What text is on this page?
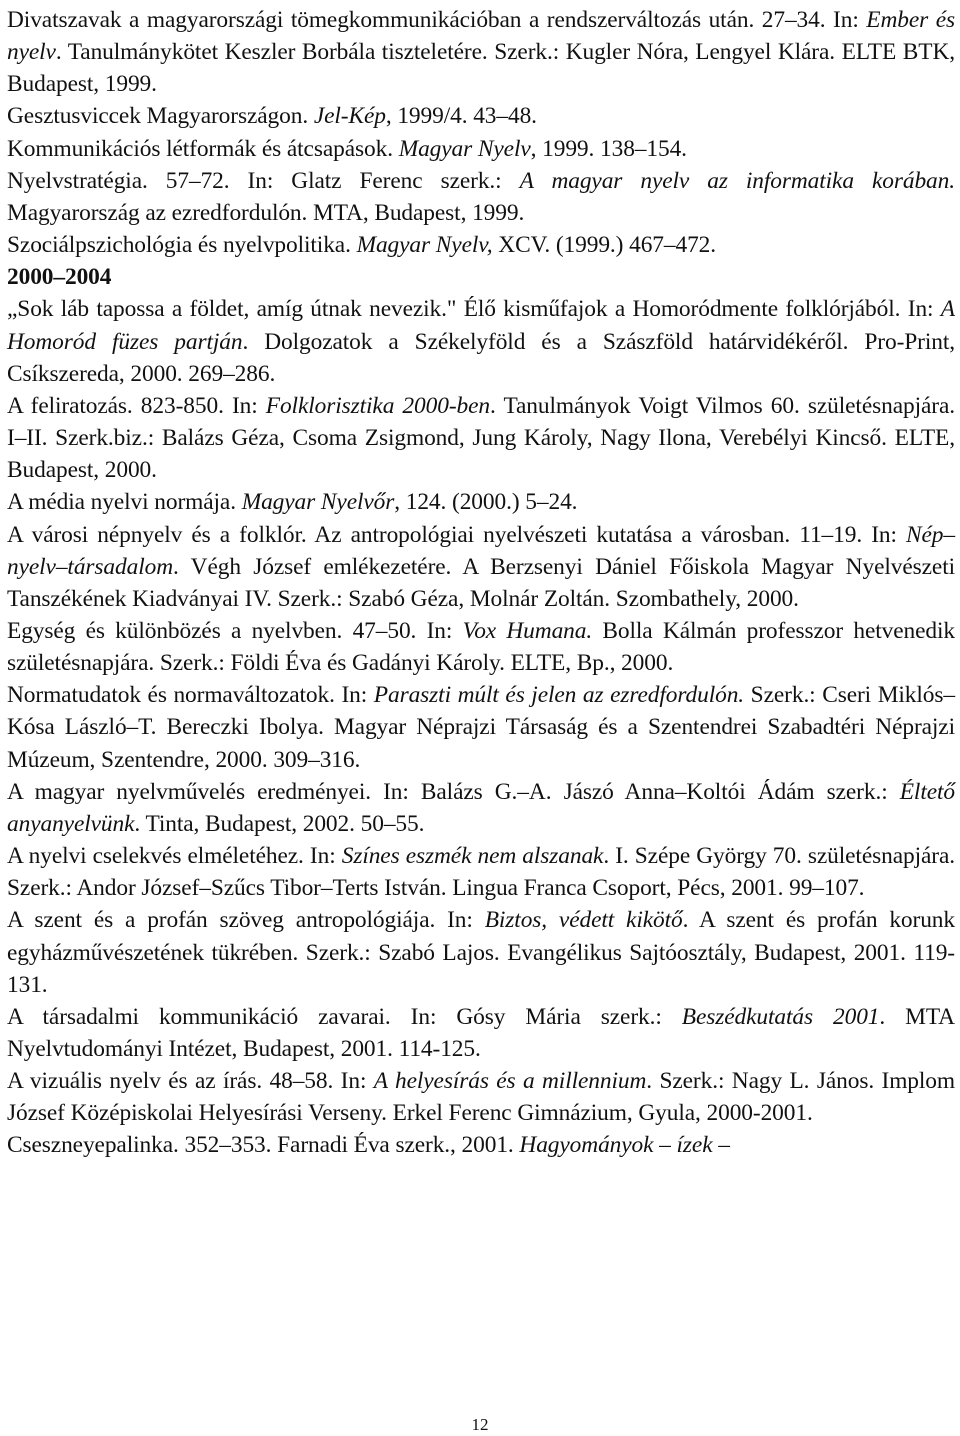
Divatszavak a magyarországi tömegkommunikációban a rendszerváltozás után. 27–34. In: Ember és nyelv. Tanulmánykötet Keszler Borbála tiszteletére. Szerk.: Kugler Nóra, Lengyel Klára. ELTE BTK, Budapest, 1999.
Gesztusviccek Magyarországon. Jel-Kép, 1999/4. 43–48.
Kommunikációs létformák és átcsapások. Magyar Nyelv, 1999. 138–154.
Nyelvstratégia. 57–72. In: Glatz Ferenc szerk.: A magyar nyelv az informatika korában. Magyarország az ezredfordulón. MTA, Budapest, 1999.
Szociálpszichológia és nyelvpolitika. Magyar Nyelv, XCV. (1999.) 467–472.
2000–2004
„Sok láb tapossa a földet, amíg útnak nevezik." Élő kisműfajok a Homoródmente folklórjából. In: A Homoród füzes partján. Dolgozatok a Székelyföld és a Szászföld határvidékéről. Pro-Print, Csíkszereda, 2000. 269–286.
A feliratozás. 823-850. In: Folklorisztika 2000-ben. Tanulmányok Voigt Vilmos 60. születésnapjára. I–II. Szerk.biz.: Balázs Géza, Csoma Zsigmond, Jung Károly, Nagy Ilona, Verebélyi Kincső. ELTE, Budapest, 2000.
A média nyelvi normája. Magyar Nyelvőr, 124. (2000.) 5–24.
A városi népnyelv és a folklór. Az antropológiai nyelvészeti kutatása a városban. 11–19. In: Nép–nyelv–társadalom. Végh József emlékezetére. A Berzsenyi Dániel Főiskola Magyar Nyelvészeti Tanszékének Kiadványai IV. Szerk.: Szabó Géza, Molnár Zoltán. Szombathely, 2000.
Egység és különbözés a nyelvben. 47–50. In: Vox Humana. Bolla Kálmán professzor hetvenedik születésnapjára. Szerk.: Földi Éva és Gadányi Károly. ELTE, Bp., 2000.
Normatudatok és normaváltozatok. In: Paraszti múlt és jelen az ezredfordulón. Szerk.: Cseri Miklós–Kósa László–T. Bereczki Ibolya. Magyar Néprajzi Társaság és a Szentendrei Szabadtéri Néprajzi Múzeum, Szentendre, 2000. 309–316.
A magyar nyelvművelés eredményei. In: Balázs G.–A. Jászó Anna–Koltói Ádám szerk.: Éltető anyanyelvünk. Tinta, Budapest, 2002. 50–55.
A nyelvi cselekvés elméletéhez. In: Színes eszmék nem alszanak. I. Szépe György 70. születésnapjára. Szerk.: Andor József–Szűcs Tibor–Terts István. Lingua Franca Csoport, Pécs, 2001. 99–107.
A szent és a profán szöveg antropológiája. In: Biztos, védett kikötő. A szent és profán korunk egyházművészetének tükrében. Szerk.: Szabó Lajos. Evangélikus Sajtóosztály, Budapest, 2001. 119-131.
A társadalmi kommunikáció zavarai. In: Gósy Mária szerk.: Beszédkutatás 2001. MTA Nyelvtudományi Intézet, Budapest, 2001. 114-125.
A vizuális nyelv és az írás. 48–58. In: A helyesírás és a millennium. Szerk.: Nagy L. János. Implom József Középiskolai Helyesírási Verseny. Erkel Ferenc Gimnázium, Gyula, 2000-2001.
Cseszneyepalinka. 352–353. Farnadi Éva szerk., 2001. Hagyományok – ízek –
12
